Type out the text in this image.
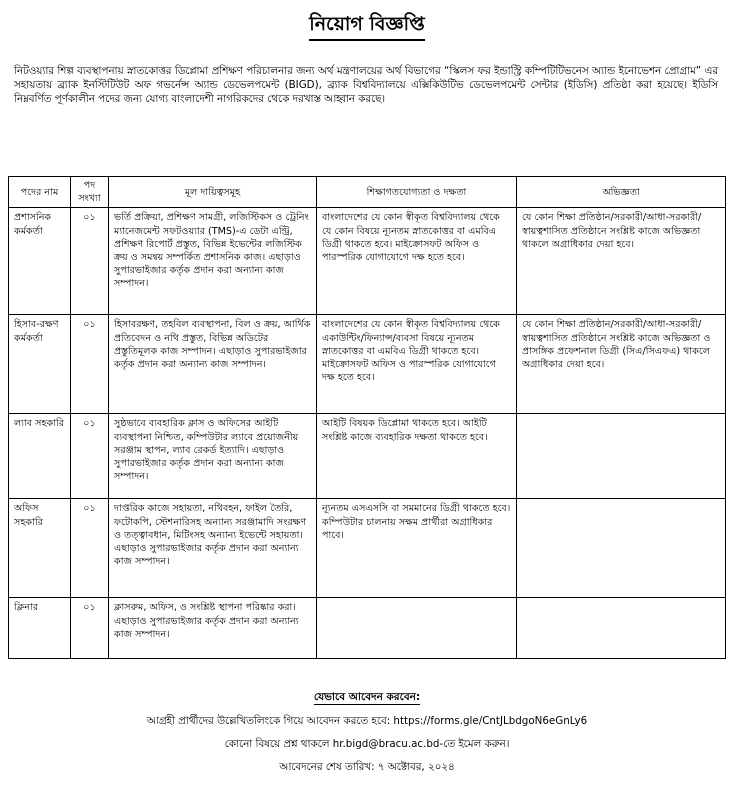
নিয়োগ বিজ্ঞপ্তি

নিটওয়্যার শিল্প ব্যবস্থাপনায় স্নাতকোত্তর ডিপ্লোমা প্রশিক্ষণ পরিচালনার জন্য অর্থ মন্ত্রণালয়ের অর্থ বিভাগের “স্কিলস ফর ইন্ডাস্ট্রি কম্পিটিটিভনেস অ্যান্ড ইনোভেশন প্রোগ্রাম” এর সহায়তায় ব্র্যাক ইনস্টিটিউট অফ গভর্নেন্স অ্যান্ড ডেভেলপমেন্ট (BIGD), ব্র্যাক বিশ্ববিদ্যালয়ে এক্সিকিউটিভ ডেভেলপমেন্ট সেন্টার (ইডিসি) প্রতিষ্ঠা করা হয়েছে। ইডিসি নিম্নবর্ণিত পূর্ণকালীন পদের জন্য যোগ্য বাংলাদেশী নাগরিকদের থেকে দরখাস্ত আহ্বান করছে।

পদের নাম	পদ সংখ্যা	মূল দায়িত্বসমূহ	শিক্ষাগতযোগ্যতা ও দক্ষতা	অভিজ্ঞতা
প্রশাসনিক কর্মকর্তা	০১	ভর্তি প্রক্রিয়া, প্রশিক্ষণ সামগ্রী, লজিস্টিকস ও ট্রেনিং ম্যানেজমেন্ট সফটওয়্যার (TMS)-এ ডেটা এন্ট্রি, প্রশিক্ষণ রিপোর্ট প্রস্তুত, বিভিন্ন ইভেন্টের লজিস্টিক ক্রয় ও সমন্বয় সম্পর্কিত প্রশাসনিক কাজ। এছাড়াও সুপারভাইজার কর্তৃক প্রদান করা অন্যান্য কাজ সম্পাদন।	বাংলাদেশের যে কোন স্বীকৃত বিশ্ববিদ্যালয় থেকে যে কোন বিষয়ে ন্যূনতম স্নাতকোত্তর বা এমবিএ ডিগ্রী থাকতে হবে। মাইক্রোসফট অফিস ও পারস্পরিক যোগাযোগে দক্ষ হতে হবে।	যে কোন শিক্ষা প্রতিষ্ঠান/সরকারী/আধা-সরকারী/স্বায়ত্বশাসিত প্রতিষ্ঠানে সংশ্লিষ্ট কাজে অভিজ্ঞতা থাকলে অগ্রাধিকার দেয়া হবে।
হিসাব-রক্ষণ কর্মকর্তা	০১	হিসাবরক্ষণ, তহবিল ব্যবস্থাপনা, বিল ও ক্রয়, আর্থিক প্রতিবেদন ও নথি প্রস্তুত, বিভিন্ন অডিটের প্রস্তুতিমূলক কাজ সম্পাদন। এছাড়াও সুপারভাইজার কর্তৃক প্রদান করা অন্যান্য কাজ সম্পাদন।	বাংলাদেশের যে কোন স্বীকৃত বিশ্ববিদ্যালয় থেকে একাউন্টিং/ফিন্যান্স/ব্যবসা বিষয়ে ন্যূনতম স্নাতকোত্তর বা এমবিএ ডিগ্রী থাকতে হবে। মাইক্রোসফট অফিস ও পারস্পরিক যোগাযোগে দক্ষ হতে হবে।	যে কোন শিক্ষা প্রতিষ্ঠান/সরকারী/আধা-সরকারী/স্বায়ত্বশাসিত প্রতিষ্ঠানে সংশ্লিষ্ট কাজে অভিজ্ঞতা ও প্রাসঙ্গিক প্রফেশনাল ডিগ্রী (সিএ/সিএফএ) থাকলে অগ্রাধিকার দেয়া হবে।
ল্যাব সহকারি	০১	সুষ্ঠভাবে ব্যবহারিক ক্লাস ও অফিসের আইটি ব্যবস্থাপনা নিশ্চিত, কম্পিউটার ল্যাবে প্রয়োজনীয় সরঞ্জাম স্থাপন, ল্যাব রেকর্ড ইত্যাদি। এছাড়াও সুপারভাইজার কর্তৃক প্রদান করা অন্যান্য কাজ সম্পাদন।	আইটি বিষয়ক ডিপ্লোমা থাকতে হবে। আইটি সংশ্লিষ্ট কাজে ব্যবহারিক দক্ষতা থাকতে হবে।	
অফিস সহকারি	০১	দাপ্তরিক কাজে সহায়তা, নথিবহন, ফাইল তৈরি, ফটোকপি, স্টেশনারিসহ অন্যান্য সরঞ্জামাদি সংরক্ষণ ও তত্ত্বাবধান, মিটিংসহ অন্যান্য ইভেন্টে সহায়তা। এছাড়াও সুপারভাইজার কর্তৃক প্রদান করা অন্যান্য কাজ সম্পাদন।	ন্যূনতম এসএসসি বা সমমানের ডিগ্রী থাকতে হবে। কম্পিউটার চালনায় সক্ষম প্রার্থীরা অগ্রাধিকার পাবে।	
ক্লিনার	০১	ক্লাসরুম, অফিস, ও সংশ্লিষ্ট স্থাপনা পরিষ্কার করা। এছাড়াও সুপারভাইজার কর্তৃক প্রদান করা অন্যান্য কাজ সম্পাদন।		
যেভাবে আবেদন করবেন:
আগ্রহী প্রার্থীদের উল্লেখিতলিংকে গিয়ে আবেদন করতে হবে: https://forms.gle/CntJLbdgoN6eGnLy6
কোনো বিষয়ে প্রশ্ন থাকলে hr.bigd@bracu.ac.bd-তে ইমেল করুন।
আবেদনের শেষ তারিখ: ৭ অক্টোবর, ২০২৪
